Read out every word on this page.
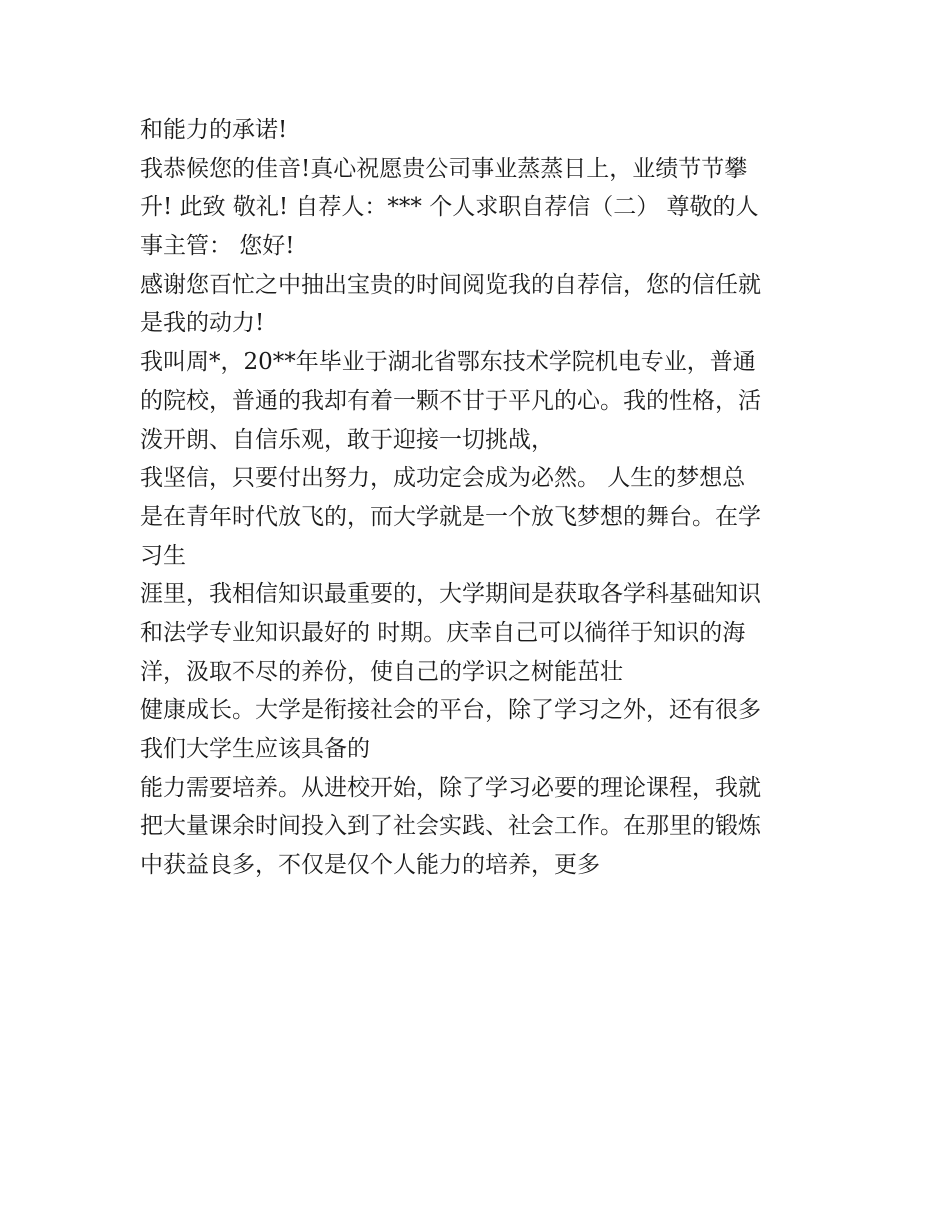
和能力的承诺!
我恭候您的佳音!真心祝愿贵公司事业蒸蒸日上，业绩节节攀
升! 此致 敬礼! 自荐人：*** 个人求职自荐信（二） 尊敬的人
事主管： 您好!
感谢您百忙之中抽出宝贵的时间阅览我的自荐信，您的信任就
是我的动力!
我叫周*，20**年毕业于湖北省鄂东技术学院机电专业，普通
的院校，普通的我却有着一颗不甘于平凡的心。我的性格，活
泼开朗、自信乐观，敢于迎接一切挑战，
我坚信，只要付出努力，成功定会成为必然。 人生的梦想总
是在青年时代放飞的，而大学就是一个放飞梦想的舞台。在学
习生
涯里，我相信知识最重要的，大学期间是获取各学科基础知识
和法学专业知识最好的 时期。庆幸自己可以徜徉于知识的海
洋，汲取不尽的养份，使自己的学识之树能茁壮
健康成长。大学是衔接社会的平台，除了学习之外，还有很多
我们大学生应该具备的
能力需要培养。从进校开始，除了学习必要的理论课程，我就
把大量课余时间投入到了社会实践、社会工作。在那里的锻炼
中获益良多，不仅是仅个人能力的培养，更多
